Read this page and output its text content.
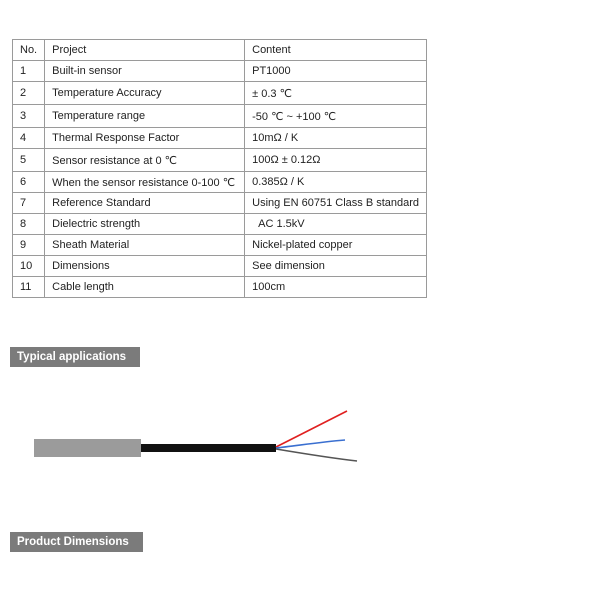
No.	Project	Content
1	Built-in sensor	PT1000
2	Temperature Accuracy	± 0.3 ℃
3	Temperature range	-50 ℃ ~ +100 ℃
4	Thermal Response Factor	10mΩ / K
5	Sensor resistance at 0 ℃	100Ω ± 0.12Ω
6	When the sensor resistance 0-100 ℃	0.385Ω / K
7	Reference Standard	Using EN 60751 Class B standard
8	Dielectric strength	AC 1.5kV
9	Sheath Material	Nickel-plated copper
10	Dimensions	See dimension
11	Cable length	100cm
Typical applications
Product Dimensions
